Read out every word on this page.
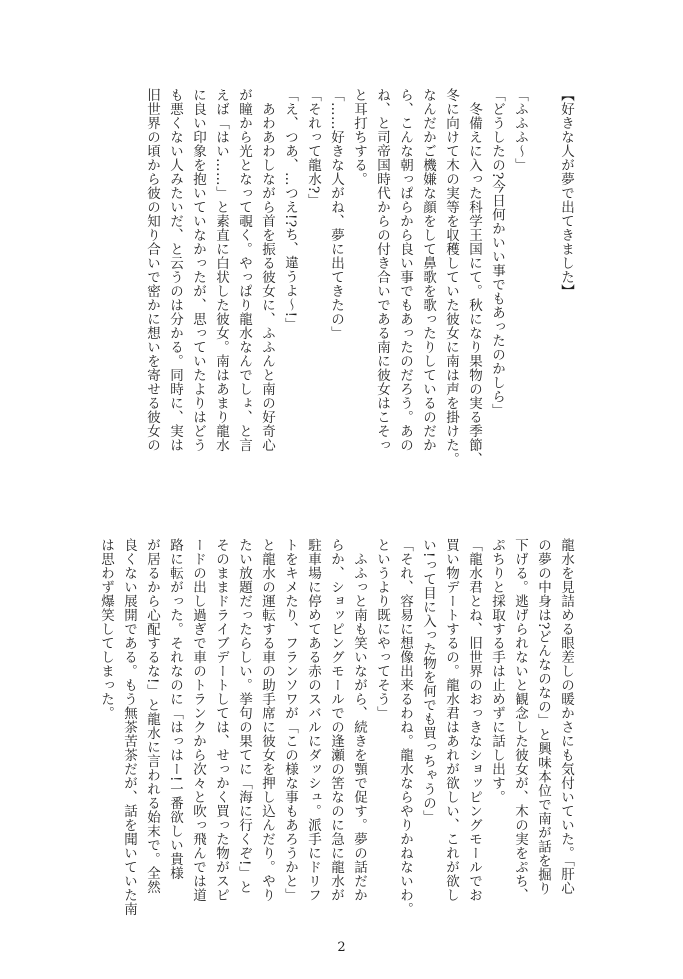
【好きな人が夢で出てきました】
「ふふふ〜」
「どうしたの?今日何かいい事でもあったのかしら」
　冬備えに入った科学王国にて。秋になり果物の実る季節、
冬に向けて木の実等を収穫していた彼女に南は声を掛けた。
なんだかご機嫌な顔をして鼻歌を歌ったりしているのだか
ら、こんな朝っぱらから良い事でもあったのだろう。あの
ね、と司帝国時代からの付き合いである南に彼女はこそっ
と耳打ちする。
「……好きな人がね、夢に出てきたの」
「それって龍水?」
「え、つあ、…つえ!?ち、違うよ〜!」
　あわあわしながら首を振る彼女に、ふふんと南の好奇心
が瞳から光となって覗く。やっぱり龍水なんでしょ、と言
えば「はい……」と素直に白状した彼女。南はあまり龍水
に良い印象を抱いていなかったが、思っていたよりはどう
も悪くない人みたいだ、と云うのは分かる。同時に、実は
旧世界の頃から彼の知り合いで密かに想いを寄せる彼女の
龍水を見詰める眼差しの暖かさにも気付いていた。「肝心
の夢の中身は?どんなのなの」と興味本位で南が話を掘り
下げる。逃げられないと観念した彼女が、木の実をぷち、
ぷちりと採取する手は止めずに話し出す。
「龍水君とね、旧世界のおっきなショッピングモールでお
買い物デートするの。龍水君はあれが欲しい、これが欲し
い!って目に入った物を何でも買っちゃうの」
「それ、容易に想像出来るわね。龍水ならやりかねないわ。
というより既にやってそう」
　ふふっと南も笑いながら、続きを顎で促す。夢の話だか
らか、ショッピングモールでの逢瀬の筈なのに急に龍水が
駐車場に停めてある赤のスバルにダッシュ。派手にドリフ
トをキメたり、フランソワが「この様な事もあろうかと」
と龍水の運転する車の助手席に彼女を押し込んだり。やり
たい放題だったらしい。挙句の果てに「海に行くぞ!」と
そのままドライブデートしては、せっかく買った物がスピ
ードの出し過ぎで車のトランクから次々と吹っ飛んでは道
路に転がった。それなのに「はっはー!一番欲しい貴様
が居るから心配するな!」と龍水に言われる始末で。全然
良くない展開である。もう無茶苦茶だが、話を聞いていた南
は思わず爆笑してしまった。
2
